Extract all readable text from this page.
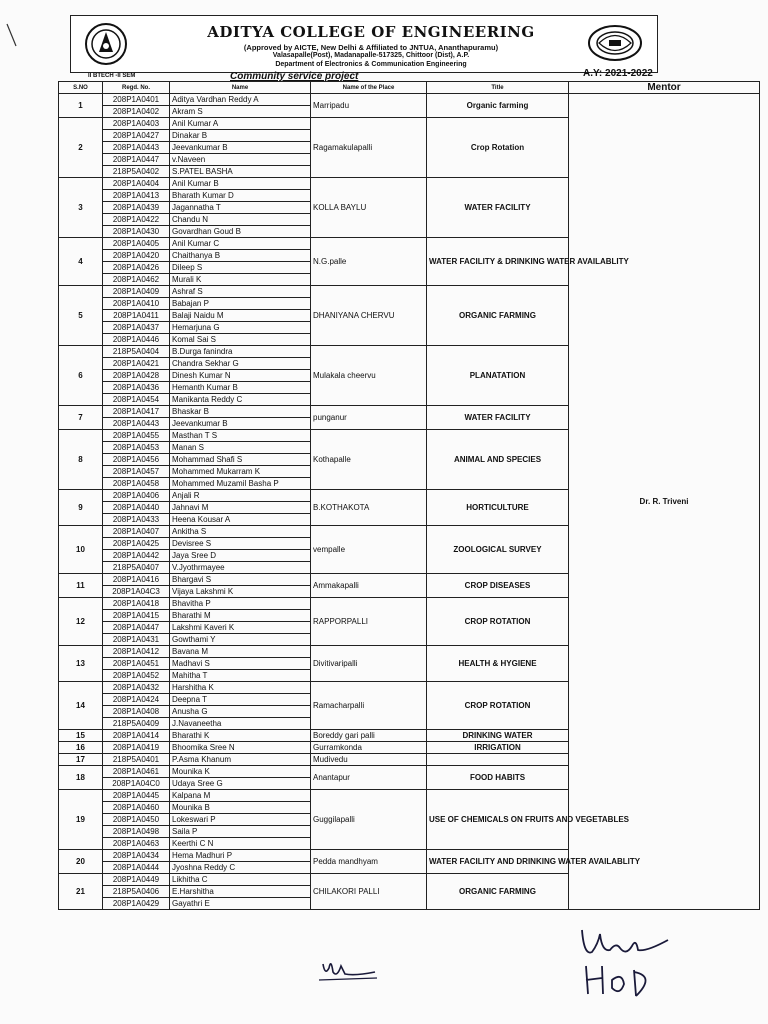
ADITYA COLLEGE OF ENGINEERING
(Approved by AICTE, New Delhi & Affiliated to JNTUA, Ananthapuramu)
Valasapalle(Post), Madanapalle-517325, Chittoor (Dist), A.P.
Department of Electronics & Communication Engineering
II BTECH -II SEM	Community service project	A.Y: 2021-2022
S.NO	Regd. No.	Name	Name of the Place	Title	Mentor
1	208P1A0401	Aditya Vardhan Reddy A	Marripadu	Organic farming	Dr. R. Triveni
	208P1A0402	Akram S			
2	208P1A0403	Anil Kumar A	Ragamakulapalli	Crop Rotation	
	208P1A0427	Dinakar B			
	208P1A0443	Jeevankumar B			
	208P1A0447	v.Naveen			
	218P5A0402	S.PATEL BASHA			
3	208P1A0404	Anil Kumar B	KOLLA BAYLU	WATER FACILITY	
	208P1A0413	Bharath Kumar D			
	208P1A0439	Jagannatha T			
	208P1A0422	Chandu N			
	208P1A0430	Govardhan Goud B			
4	208P1A0405	Anil Kumar C	N.G.palle	WATER FACILITY & DRINKING WATER AVAILABLITY	
	208P1A0420	Chaithanya B			
	208P1A0426	Dileep S			
	208P1A0462	Murali K			
5	208P1A0409	Ashraf S	DHANIYANA CHERVU	ORGANIC FARMING	
	208P1A0410	Babajan P			
	208P1A0411	Balaji Naidu M			
	208P1A0437	Hemarjuna G			
	208P1A0446	Komal Sai S			
6	218P5A0404	B.Durga fanindra	Mulakala cheervu	PLANATATION	
	208P1A0421	Chandra Sekhar G			
	208P1A0428	Dinesh Kumar N			
	208P1A0436	Hemanth Kumar B			
	208P1A0454	Manikanta Reddy C			
7	208P1A0417	Bhaskar B	punganur	WATER FACILITY	
	208P1A0443	Jeevankumar B			
8	208P1A0455	Masthan T S	Kothapalle	ANIMAL AND SPECIES	
	208P1A0453	Manan S			
	208P1A0456	Mohammad Shafi S			
	208P1A0457	Mohammed Mukarram K			
	208P1A0458	Mohammed Muzamil Basha P			
9	208P1A0406	Anjali R	B.KOTHAKOTA	HORTICULTURE	
	208P1A0440	Jahnavi M			
	208P1A0433	Heena Kousar A			
10	208P1A0407	Ankitha S	vempalle	ZOOLOGICAL SURVEY	
	208P1A0425	Devisree S			
	208P1A0442	Jaya Sree D			
	218P5A0407	V.Jyothrmayee			
11	208P1A0416	Bhargavi S	Ammakapalli	CROP DISEASES	
	208P1A04C3	Vijaya Lakshmi K			
12	208P1A0418	Bhavitha P	RAPPORPALLI	CROP ROTATION	
	208P1A0415	Bharathi M			
	208P1A0447	Lakshmi Kaveri K			
	208P1A0431	Gowthami Y			
13	208P1A0412	Bavana M	Divitivaripalli	HEALTH & HYGIENE	
	208P1A0451	Madhavi S			
	208P1A0452	Mahitha T			
14	208P1A0432	Harshitha K	Ramacharpalli	CROP ROTATION	
	208P1A0424	Deepna T			
	208P1A0408	Anusha G			
	218P5A0409	J.Navaneetha			
15	208P1A0414	Bharathi K	Boreddy gari palli	DRINKING WATER	
16	208P1A0419	Bhoomika Sree N	Gurramkonda	IRRIGATION	
17	218P5A0401	P.Asma Khanum	Mudivedu		
18	208P1A0461	Mounika K	Anantapur	FOOD HABITS	
	208P1A04C0	Udaya Sree G			
19	208P1A0445	Kalpana M	Guggilapalli	USE OF CHEMICALS ON FRUITS AND VEGETABLES	
	208P1A0460	Mounika B			
	208P1A0450	Lokeswari P			
	208P1A0498	Saila P			
	208P1A0463	Keerthi C N			
20	208P1A0434	Hema Madhuri P	Pedda mandhyam	WATER FACILITY AND DRINKING WATER AVAILABLITY	
	208P1A0444	Jyoshna Reddy C			
21	208P1A0449	Likhitha C	CHILAKORI PALLI	ORGANIC FARMING	
	218P5A0406	E.Harshitha			
	208P1A0429	Gayathri E			
